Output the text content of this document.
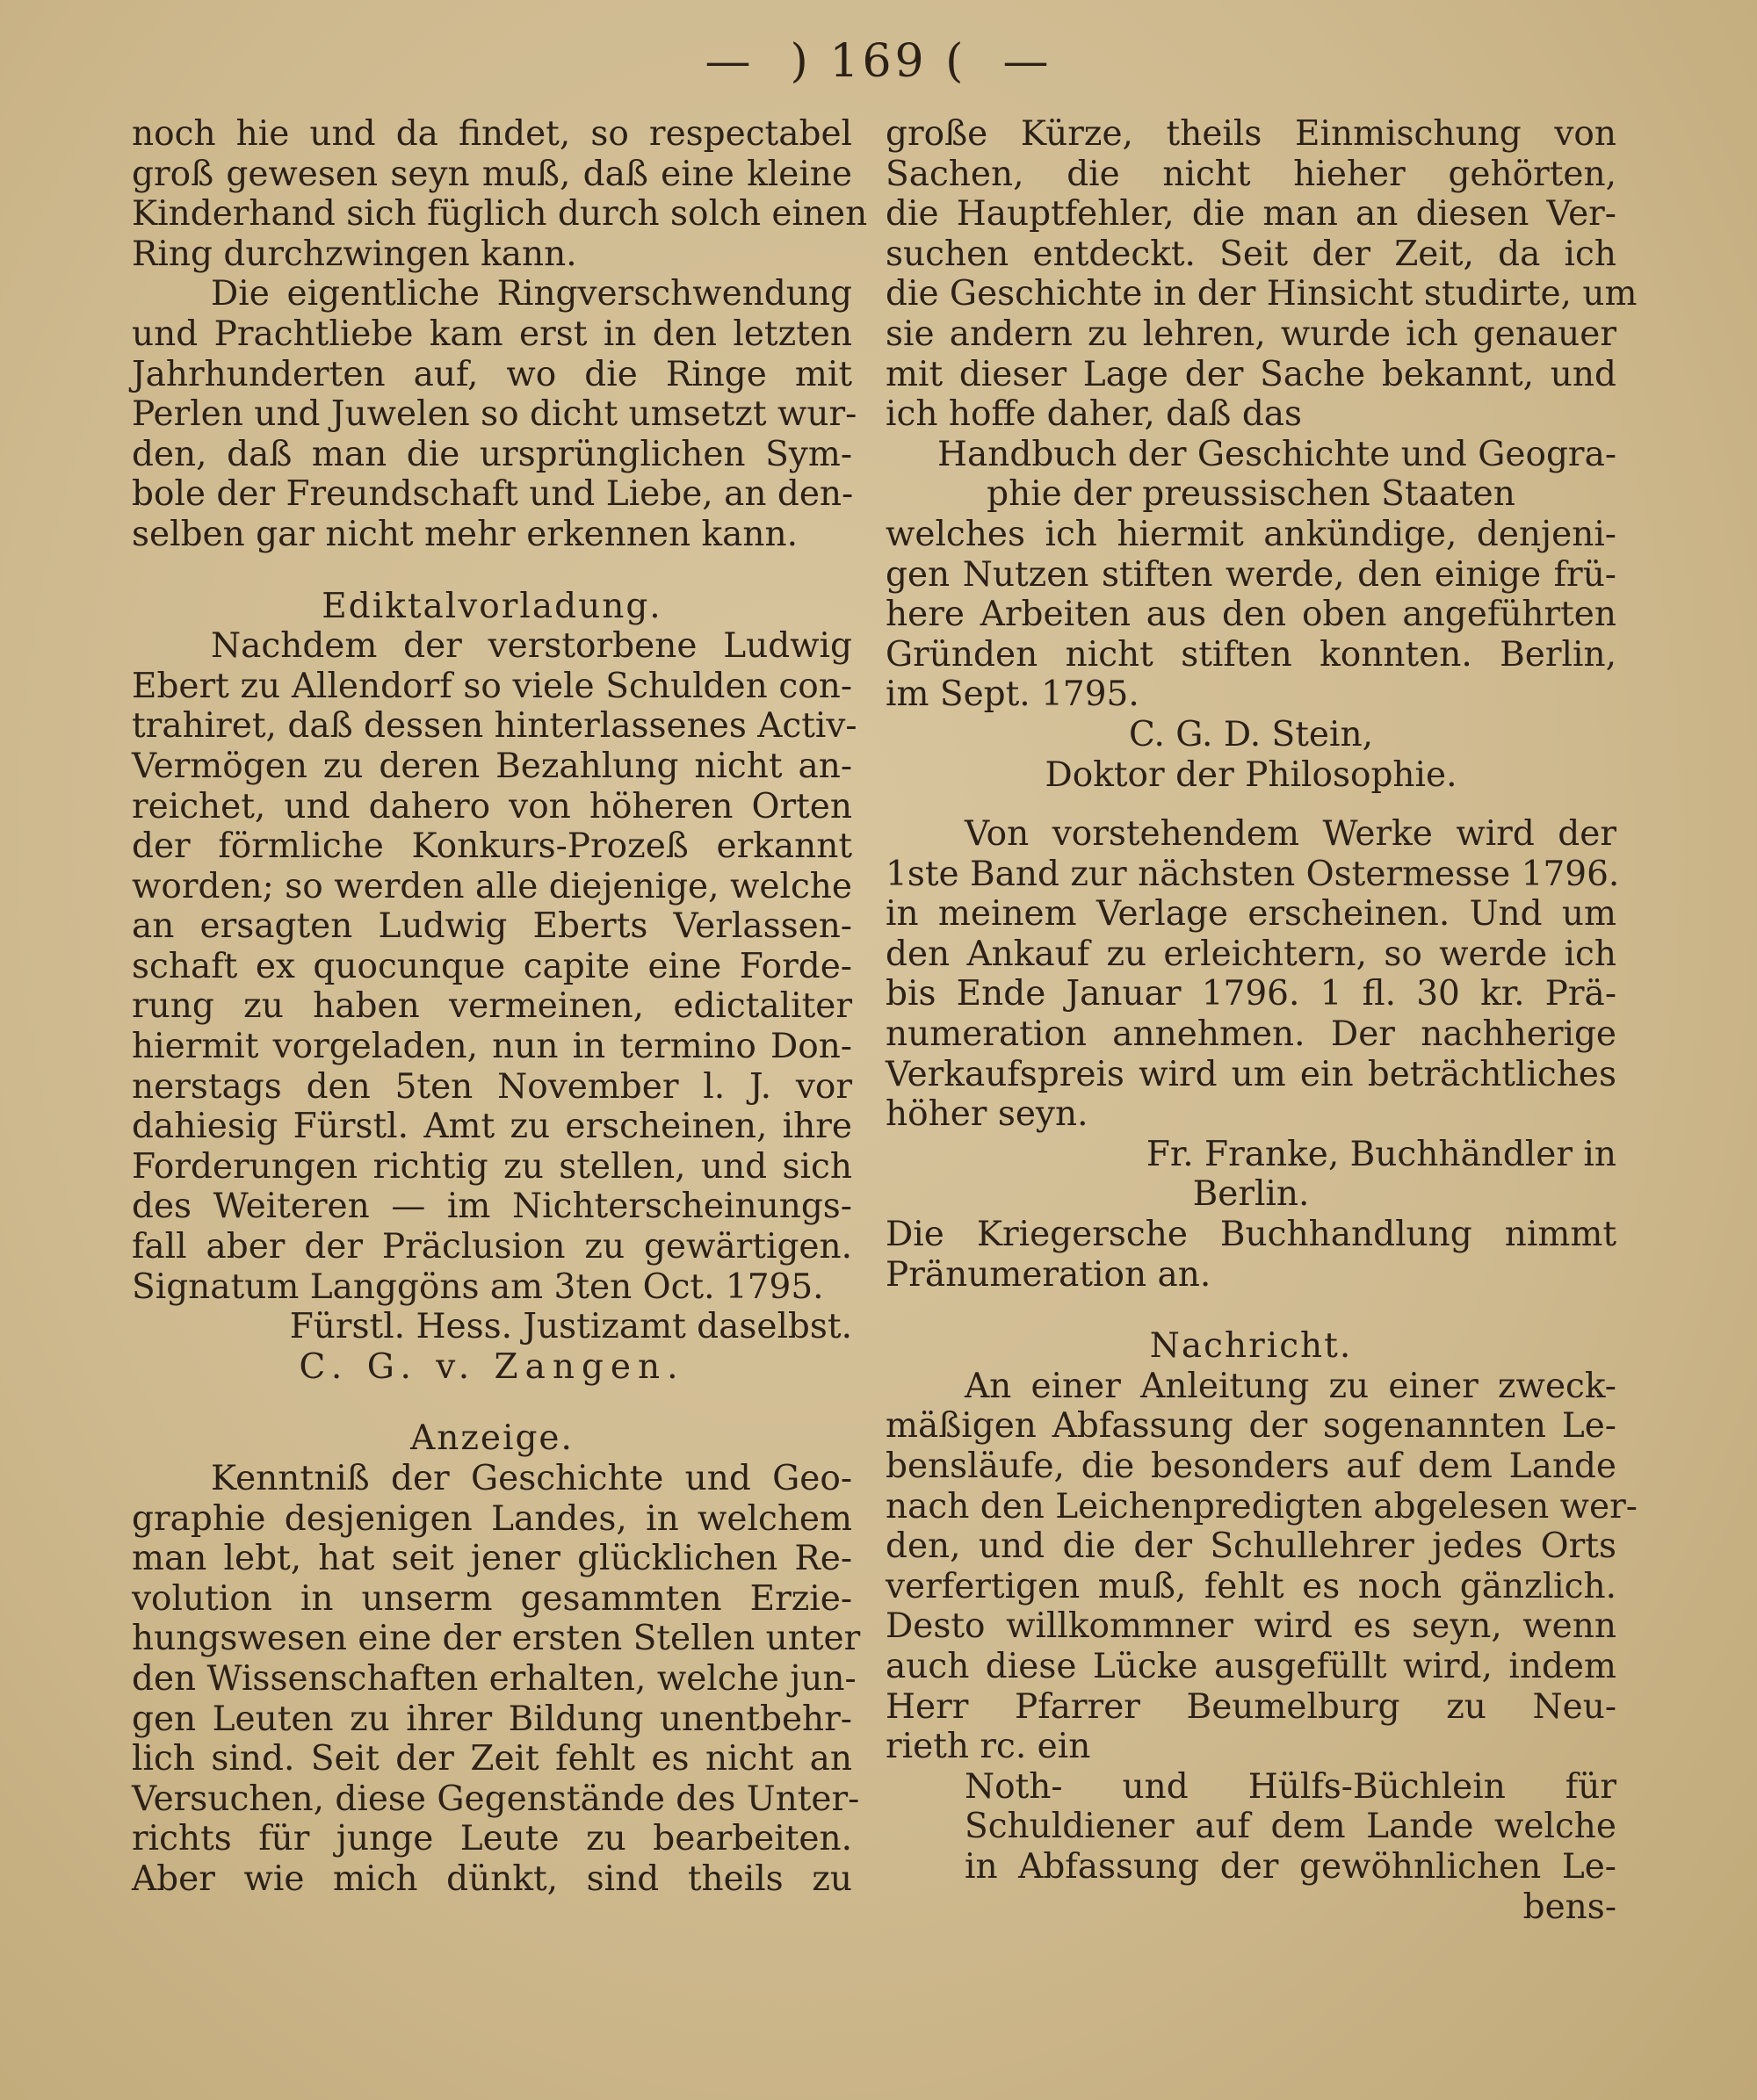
—  ) 169 (  —

noch hie und da findet, so respectabel
groß gewesen seyn muß, daß eine kleine
Kinderhand sich füglich durch solch einen
Ring durchzwingen kann.

Die eigentliche Ringverschwendung
und Prachtliebe kam erst in den letzten
Jahrhunderten auf, wo die Ringe mit
Perlen und Juwelen so dicht umsetzt wur-
den, daß man die ursprünglichen Sym-
bole der Freundschaft und Liebe, an den-
selben gar nicht mehr erkennen kann.

Ediktalvorladung.
Nachdem der verstorbene Ludwig
Ebert zu Allendorf so viele Schulden con-
trahiret, daß dessen hinterlassenes Activ-
Vermögen zu deren Bezahlung nicht an-
reichet, und dahero von höheren Orten
der förmliche Konkurs-Prozeß erkannt
worden; so werden alle diejenige, welche
an ersagten Ludwig Eberts Verlassen-
schaft ex quocunque capite eine Forde-
rung zu haben vermeinen, edictaliter
hiermit vorgeladen, nun in termino Don-
nerstags den 5ten November l. J. vor
dahiesig Fürstl. Amt zu erscheinen, ihre
Forderungen richtig zu stellen, und sich
des Weiteren — im Nichterscheinungs-
fall aber der Präclusion zu gewärtigen.
Signatum Langgöns am 3ten Oct. 1795.
Fürstl. Hess. Justizamt daselbst.
C. G. v. Zangen.

Anzeige.
Kenntniß der Geschichte und Geo-
graphie desjenigen Landes, in welchem
man lebt, hat seit jener glücklichen Re-
volution in unserm gesammten Erzie-
hungswesen eine der ersten Stellen unter
den Wissenschaften erhalten, welche jun-
gen Leuten zu ihrer Bildung unentbehr-
lich sind. Seit der Zeit fehlt es nicht an
Versuchen, diese Gegenstände des Unter-
richts für junge Leute zu bearbeiten.
Aber wie mich dünkt, sind theils zu

große Kürze, theils Einmischung von
Sachen, die nicht hieher gehörten,
die Hauptfehler, die man an diesen Ver-
suchen entdeckt. Seit der Zeit, da ich
die Geschichte in der Hinsicht studirte, um
sie andern zu lehren, wurde ich genauer
mit dieser Lage der Sache bekannt, und
ich hoffe daher, daß das
Handbuch der Geschichte und Geogra-
phie der preussischen Staaten
welches ich hiermit ankündige, denjeni-
gen Nutzen stiften werde, den einige frü-
here Arbeiten aus den oben angeführten
Gründen nicht stiften konnten. Berlin,
im Sept. 1795.
C. G. D. Stein,
Doktor der Philosophie.

Von vorstehendem Werke wird der
1ste Band zur nächsten Ostermesse 1796.
in meinem Verlage erscheinen. Und um
den Ankauf zu erleichtern, so werde ich
bis Ende Januar 1796. 1 fl. 30 kr. Prä-
numeration annehmen. Der nachherige
Verkaufspreis wird um ein beträchtliches
höher seyn.
Fr. Franke, Buchhändler in
Berlin.
Die Kriegersche Buchhandlung nimmt
Pränumeration an.

Nachricht.
An einer Anleitung zu einer zweck-
mäßigen Abfassung der sogenannten Le-
bensläufe, die besonders auf dem Lande
nach den Leichenpredigten abgelesen wer-
den, und die der Schullehrer jedes Orts
verfertigen muß, fehlt es noch gänzlich.
Desto willkommner wird es seyn, wenn
auch diese Lücke ausgefüllt wird, indem
Herr Pfarrer Beumelburg zu Neu-
rieth rc. ein
Noth- und Hülfs-Büchlein für
Schuldiener auf dem Lande welche
in Abfassung der gewöhnlichen Le-
bens-
